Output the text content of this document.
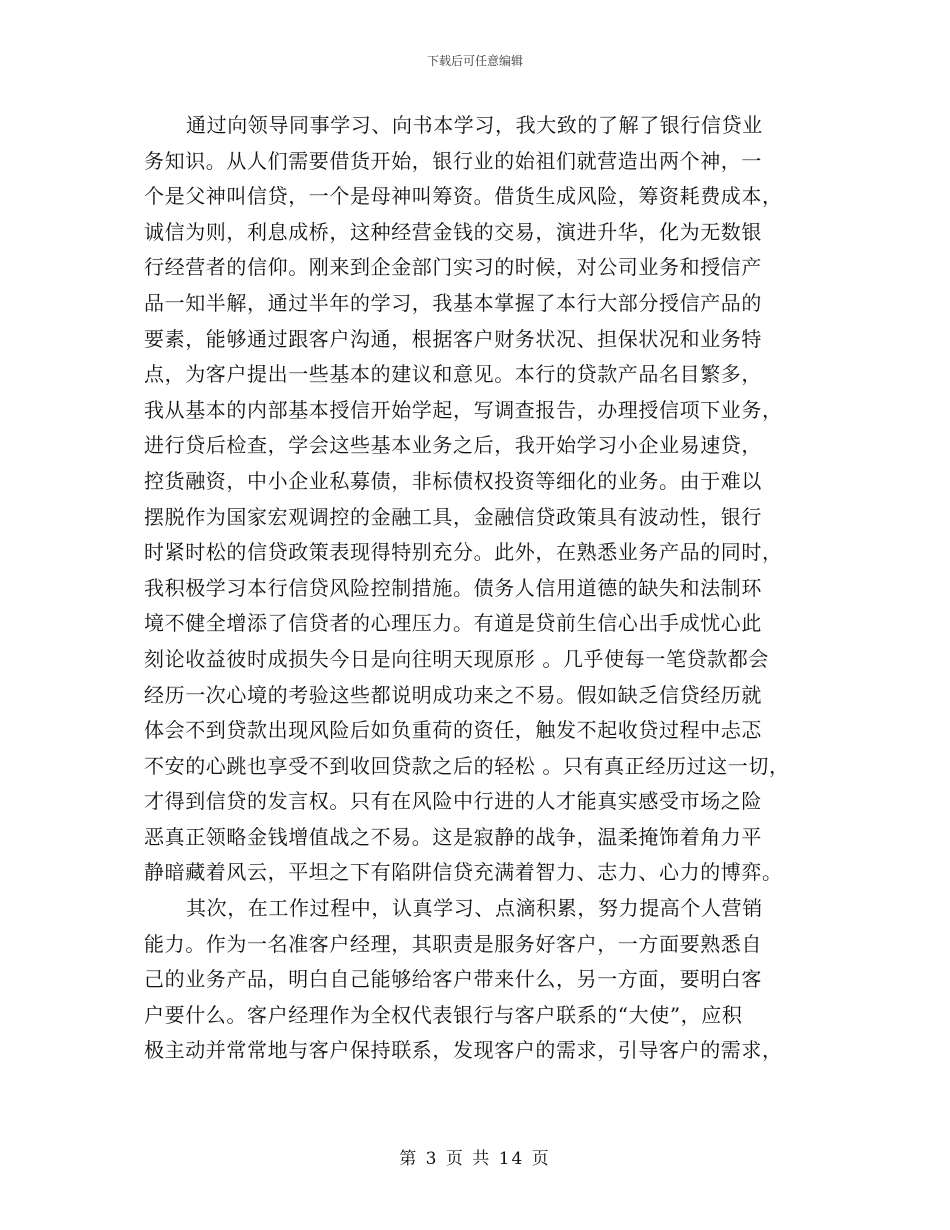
下载后可任意编辑
通过向领导同事学习、向书本学习，我大致的了解了银行信贷业
务知识。从人们需要借货开始，银行业的始祖们就营造出两个神，一
个是父神叫信贷，一个是母神叫筹资。借货生成风险，筹资耗费成本，
诚信为则，利息成桥，这种经营金钱的交易，演进升华，化为无数银
行经营者的信仰。刚来到企金部门实习的时候，对公司业务和授信产
品一知半解，通过半年的学习，我基本掌握了本行大部分授信产品的
要素，能够通过跟客户沟通，根据客户财务状况、担保状况和业务特
点，为客户提出一些基本的建议和意见。本行的贷款产品名目繁多，
我从基本的内部基本授信开始学起，写调查报告，办理授信项下业务，
进行贷后检查，学会这些基本业务之后，我开始学习小企业易速贷，
控货融资，中小企业私募债，非标债权投资等细化的业务。由于难以
摆脱作为国家宏观调控的金融工具，金融信贷政策具有波动性，银行
时紧时松的信贷政策表现得特别充分。此外，在熟悉业务产品的同时，
我积极学习本行信贷风险控制措施。债务人信用道德的缺失和法制环
境不健全增添了信贷者的心理压力。有道是贷前生信心出手成忧心此
刻论收益彼时成损失今日是向往明天现原形 。几乎使每一笔贷款都会
经历一次心境的考验这些都说明成功来之不易。假如缺乏信贷经历就
体会不到贷款出现风险后如负重荷的资任，触发不起收贷过程中忐忑
不安的心跳也享受不到收回贷款之后的轻松 。只有真正经历过这一切，
才得到信贷的发言权。只有在风险中行进的人才能真实感受市场之险
恶真正领略金钱增值战之不易。这是寂静的战争，温柔掩饰着角力平
静暗藏着风云，平坦之下有陷阱信贷充满着智力、志力、心力的博弈。
其次，在工作过程中，认真学习、点滴积累，努力提高个人营销
能力。作为一名准客户经理，其职责是服务好客户，一方面要熟悉自
己的业务产品，明白自己能够给客户带来什么，另一方面，要明白客
户要什么。客户经理作为全权代表银行与客户联系的“大使”，应积
极主动并常常地与客户保持联系，发现客户的需求，引导客户的需求，
第 3 页 共 14 页
